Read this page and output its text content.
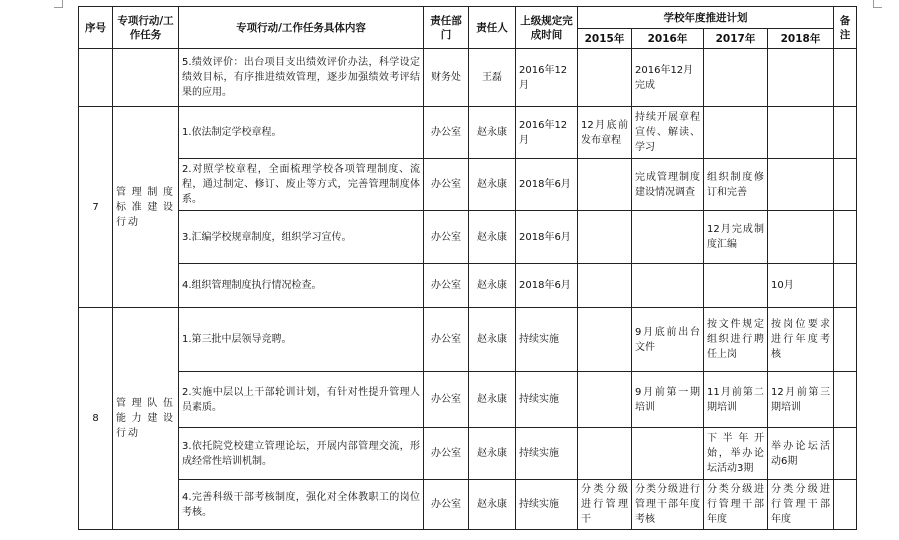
序号	专项行动/工作任务	专项行动/工作任务具体内容	责任部门	责任人	上级规定完成时间	学校年度推进计划				备注
						2015年	2016年	2017年	2018年	
		5.绩效评价：出台项目支出绩效评价办法，科学设定绩效目标，有序推进绩效管理，逐步加强绩效考评结果的应用。	财务处	王磊	2016年12月		2016年12月完成			
7	管理制度标准建设行动	1.依法制定学校章程。	办公室	赵永康	2016年12月	12月底前发布章程	持续开展章程宣传、解读、学习			
		2.对照学校章程，全面梳理学校各项管理制度、流程，通过制定、修订、废止等方式，完善管理制度体系。	办公室	赵永康	2018年6月		完成管理制度建设情况调查	组织制度修订和完善		
		3.汇编学校规章制度，组织学习宣传。	办公室	赵永康	2018年6月			12月完成制度汇编		
		4.组织管理制度执行情况检查。	办公室	赵永康	2018年6月				10月	
8	管理队伍能力建设行动	1.第三批中层领导竞聘。	办公室	赵永康	持续实施		9月底前出台文件	按文件规定组织进行聘任上岗	按岗位要求进行年度考核	
		2.实施中层以上干部轮训计划，有针对性提升管理人员素质。	办公室	赵永康	持续实施		9月前第一期培训	11月前第二期培训	12月前第三期培训	
		3.依托院党校建立管理论坛，开展内部管理交流，形成经常性培训机制。	办公室	赵永康	持续实施			下半年开始，举办论坛活动3期	举办论坛活动6期	
		4.完善科级干部考核制度，强化对全体教职工的岗位考核。	办公室	赵永康	持续实施	分类分级进行管理干	分类分级进行管理干部年度考核	分类分级进行管理干部年度	分类分级进行管理干部年度	
